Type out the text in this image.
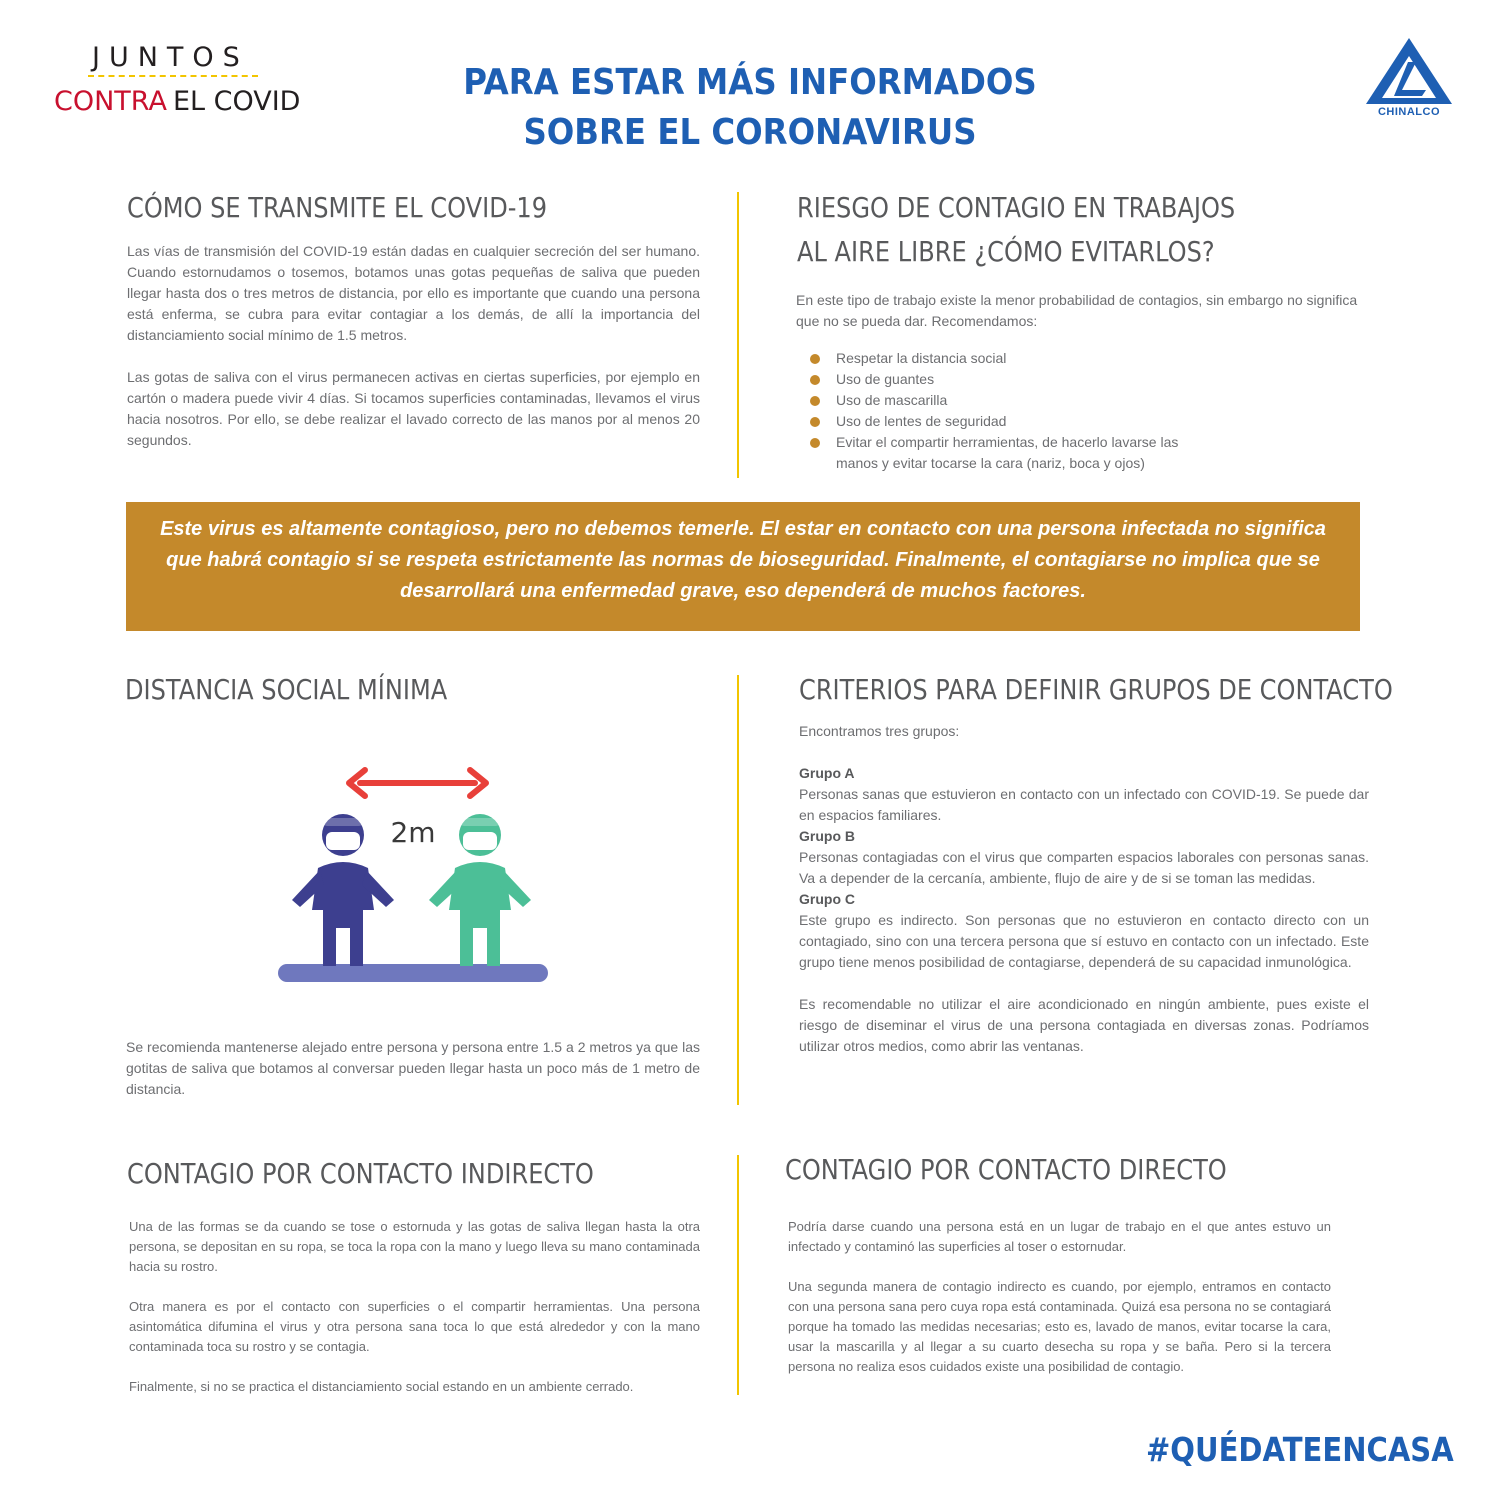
JUNTOS
CONTRA EL COVID	PARA ESTAR MÁS INFORMADOS
SOBRE EL CORONAVIRUS	CHINALCO
CÓMO SE TRANSMITE EL COVID-19

Las vías de transmisión del COVID-19 están dadas en cualquier secreción del ser humano. Cuando estornudamos o tosemos, botamos unas gotas pequeñas de saliva que pueden llegar hasta dos o tres metros de distancia, por ello es importante que cuando una persona está enferma, se cubra para evitar contagiar a los demás, de allí la importancia del distanciamiento social mínimo de 1.5 metros.

Las gotas de saliva con el virus permanecen activas en ciertas superficies, por ejemplo en cartón o madera puede vivir 4 días. Si tocamos superficies contaminadas, llevamos el virus hacia nosotros. Por ello, se debe realizar el lavado correcto de las manos por al menos 20 segundos.

RIESGO DE CONTAGIO EN TRABAJOS
AL AIRE LIBRE ¿CÓMO EVITARLOS?
En este tipo de trabajo existe la menor probabilidad de contagios, sin embargo no significa que no se pueda dar. Recomendamos:
Respetar la distancia social
Uso de guantes
Uso de mascarilla
Uso de lentes de seguridad
Evitar el compartir herramientas, de hacerlo lavarse las manos y evitar tocarse la cara (nariz, boca y ojos)
Este virus es altamente contagioso, pero no debemos temerle. El estar en contacto con una persona infectada no significa que habrá contagio si se respeta estrictamente las normas de bioseguridad. Finalmente, el contagiarse no implica que se desarrollará una enfermedad grave, eso dependerá de muchos factores.
DISTANCIA SOCIAL MÍNIMA
2m
Se recomienda mantenerse alejado entre persona y persona entre 1.5 a 2 metros ya que las gotitas de saliva que botamos al conversar pueden llegar hasta un poco más de 1 metro de distancia.
CRITERIOS PARA DEFINIR GRUPOS DE CONTACTO

Encontramos tres grupos:

Grupo A
Personas sanas que estuvieron en contacto con un infectado con COVID-19. Se puede dar en espacios familiares.
Grupo B
Personas contagiadas con el virus que comparten espacios laborales con personas sanas. Va a depender de la cercanía, ambiente, flujo de aire y de si se toman las medidas.
Grupo C
Este grupo es indirecto. Son personas que no estuvieron en contacto directo con un contagiado, sino con una tercera persona que sí estuvo en contacto con un infectado. Este grupo tiene menos posibilidad de contagiarse, dependerá de su capacidad inmunológica.

Es recomendable no utilizar el aire acondicionado en ningún ambiente, pues existe el riesgo de diseminar el virus de una persona contagiada en diversas zonas. Podríamos utilizar otros medios, como abrir las ventanas.

CONTAGIO POR CONTACTO INDIRECTO

Una de las formas se da cuando se tose o estornuda y las gotas de saliva llegan hasta la otra persona, se depositan en su ropa, se toca la ropa con la mano y luego lleva su mano contaminada hacia su rostro.

Otra manera es por el contacto con superficies o el compartir herramientas. Una persona asintomática difumina el virus y otra persona sana toca lo que está alrededor y con la mano contaminada toca su rostro y se contagia.

Finalmente, si no se practica el distanciamiento social estando en un ambiente cerrado.

CONTAGIO POR CONTACTO DIRECTO

Podría darse cuando una persona está en un lugar de trabajo en el que antes estuvo un infectado y contaminó las superficies al toser o estornudar.

Una segunda manera de contagio indirecto es cuando, por ejemplo, entramos en contacto con una persona sana pero cuya ropa está contaminada. Quizá esa persona no se contagiará porque ha tomado las medidas necesarias; esto es, lavado de manos, evitar tocarse la cara, usar la mascarilla y al llegar a su cuarto desecha su ropa y se baña. Pero si la tercera persona no realiza esos cuidados existe una posibilidad de contagio.

#QUÉDATEENCASA
